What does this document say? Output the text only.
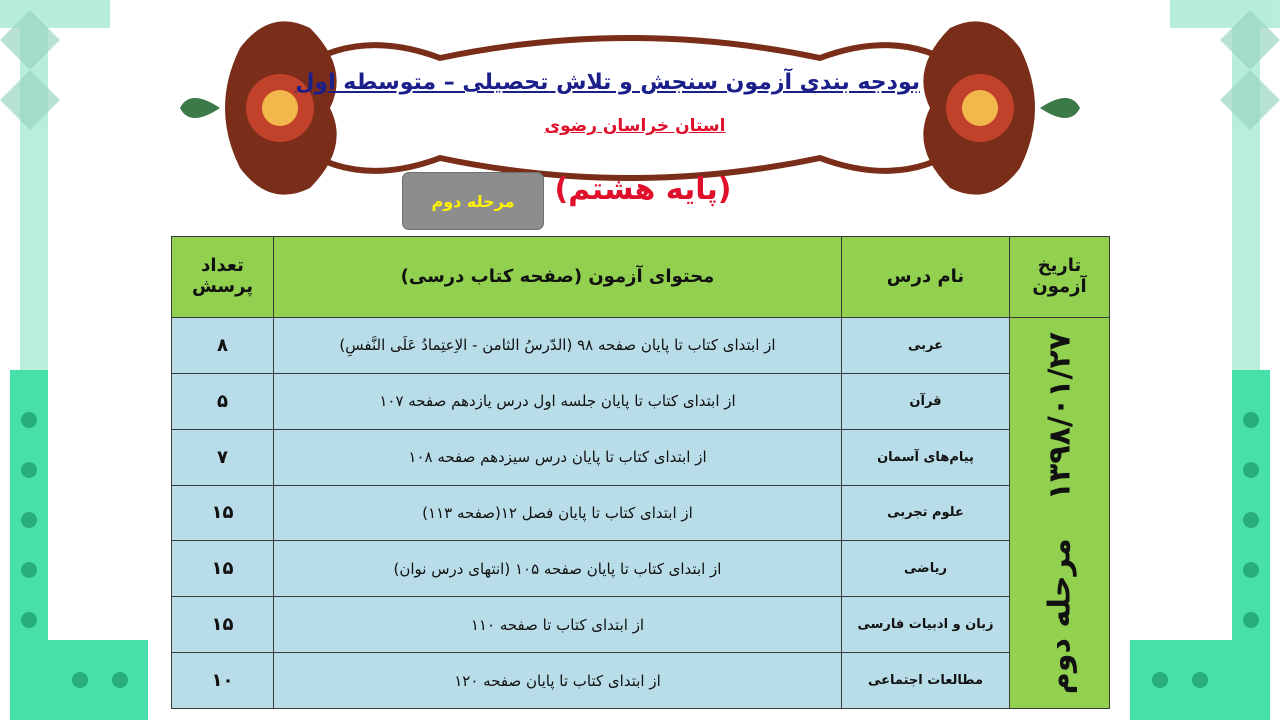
بودجه بندی آزمون سنجش و تلاش تحصیلی – متوسطه اول
استان خراسان رضوی
(پایه هشتم)
مرحله دوم
تاریخ آزمون	نام درس	محتوای آزمون (صفحه کتاب درسی)	تعداد پرسش

۱۳۹۸/۰۱/۲۷
مرحله دوم	عربی	از ابتدای کتاب تا پایان صفحه ۹۸ (الدّرسُ الثامن - الاِعتِمادُ عَلَی النَّفسِ)	۸
	قرآن	از ابتدای کتاب تا پایان جلسه اول درس یازدهم صفحه ۱۰۷	۵
	پیام‌های آسمان	از ابتدای کتاب تا پایان درس سیزدهم صفحه ۱۰۸	۷
	علوم تجربی	از ابتدای کتاب تا پایان فصل ۱۲(صفحه ۱۱۳)	۱۵
	ریاضی	از ابتدای کتاب تا پایان صفحه ۱۰۵ (انتهای درس نوان)	۱۵
	زبان و ادبیات فارسی	از ابتدای کتاب تا صفحه ۱۱۰	۱۵
	مطالعات اجتماعی	از ابتدای کتاب تا پایان صفحه ۱۲۰	۱۰
